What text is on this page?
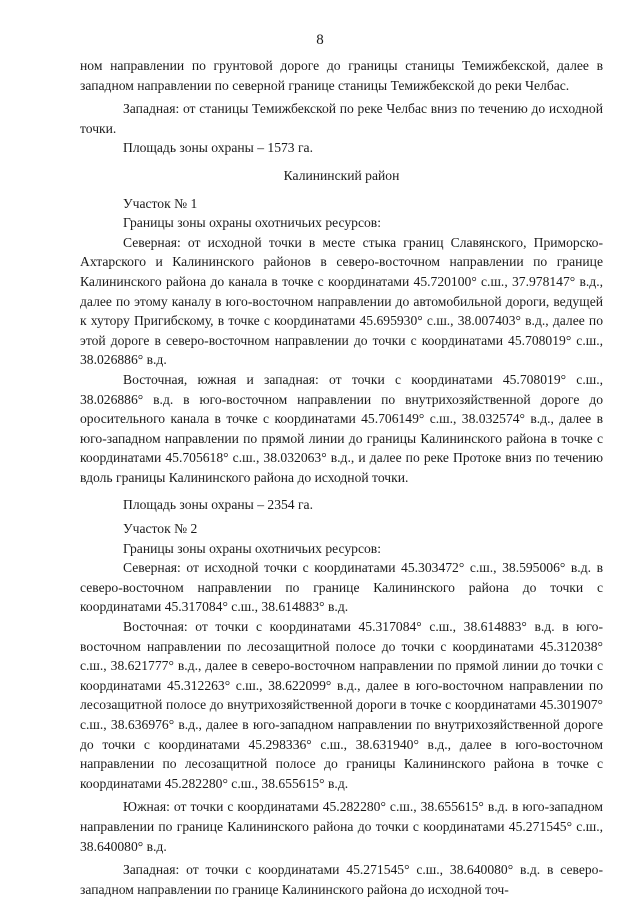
8

ном направлении по грунтовой дороге до границы станицы Темижбекской, далее в западном направлении по северной границе станицы Темижбекской до реки Челбас.

Западная: от станицы Темижбекской по реке Челбас вниз по течению до исходной точки.

Площадь зоны охраны – 1573 га.

Калининский район

Участок № 1

Границы зоны охраны охотничьих ресурсов:

Северная: от исходной точки в месте стыка границ Славянского, Приморско-Ахтарского и Калининского районов в северо-восточном направлении по границе Калининского района до канала в точке с координатами 45.720100° с.ш., 37.978147° в.д., далее по этому каналу в юго-восточном направлении до автомобильной дороги, ведущей к хутору Пригибскому, в точке с координатами 45.695930° с.ш., 38.007403° в.д., далее по этой дороге в северо-восточном направлении до точки с координатами 45.708019° с.ш., 38.026886° в.д.

Восточная, южная и западная: от точки с координатами 45.708019° с.ш., 38.026886° в.д. в юго-восточном направлении по внутрихозяйственной дороге до оросительного канала в точке с координатами 45.706149° с.ш., 38.032574° в.д., далее в юго-западном направлении по прямой линии до границы Калининского района в точке с координатами 45.705618° с.ш., 38.032063° в.д., и далее по реке Протоке вниз по течению вдоль границы Калининского района до исходной точки.

Площадь зоны охраны – 2354 га.

Участок № 2

Границы зоны охраны охотничьих ресурсов:

Северная: от исходной точки с координатами 45.303472° с.ш., 38.595006° в.д. в северо-восточном направлении по границе Калининского района до точки с координатами 45.317084° с.ш., 38.614883° в.д.

Восточная: от точки с координатами 45.317084° с.ш., 38.614883° в.д. в юго-восточном направлении по лесозащитной полосе до точки с координатами 45.312038° с.ш., 38.621777° в.д., далее в северо-восточном направлении по прямой линии до точки с координатами 45.312263° с.ш., 38.622099° в.д., далее в юго-восточном направлении по лесозащитной полосе до внутрихозяйственной дороги в точке с координатами 45.301907° с.ш., 38.636976° в.д., далее в юго-западном направлении по внутрихозяйственной дороге до точки с координатами 45.298336° с.ш., 38.631940° в.д., далее в юго-восточном направлении по лесозащитной полосе до границы Калининского района в точке с координатами 45.282280° с.ш., 38.655615° в.д.

Южная: от точки с координатами 45.282280° с.ш., 38.655615° в.д. в юго-западном направлении по границе Калининского района до точки с координатами 45.271545° с.ш., 38.640080° в.д.

Западная: от точки с координатами 45.271545° с.ш., 38.640080° в.д. в северо-западном направлении по границе Калининского района до исходной точ-
